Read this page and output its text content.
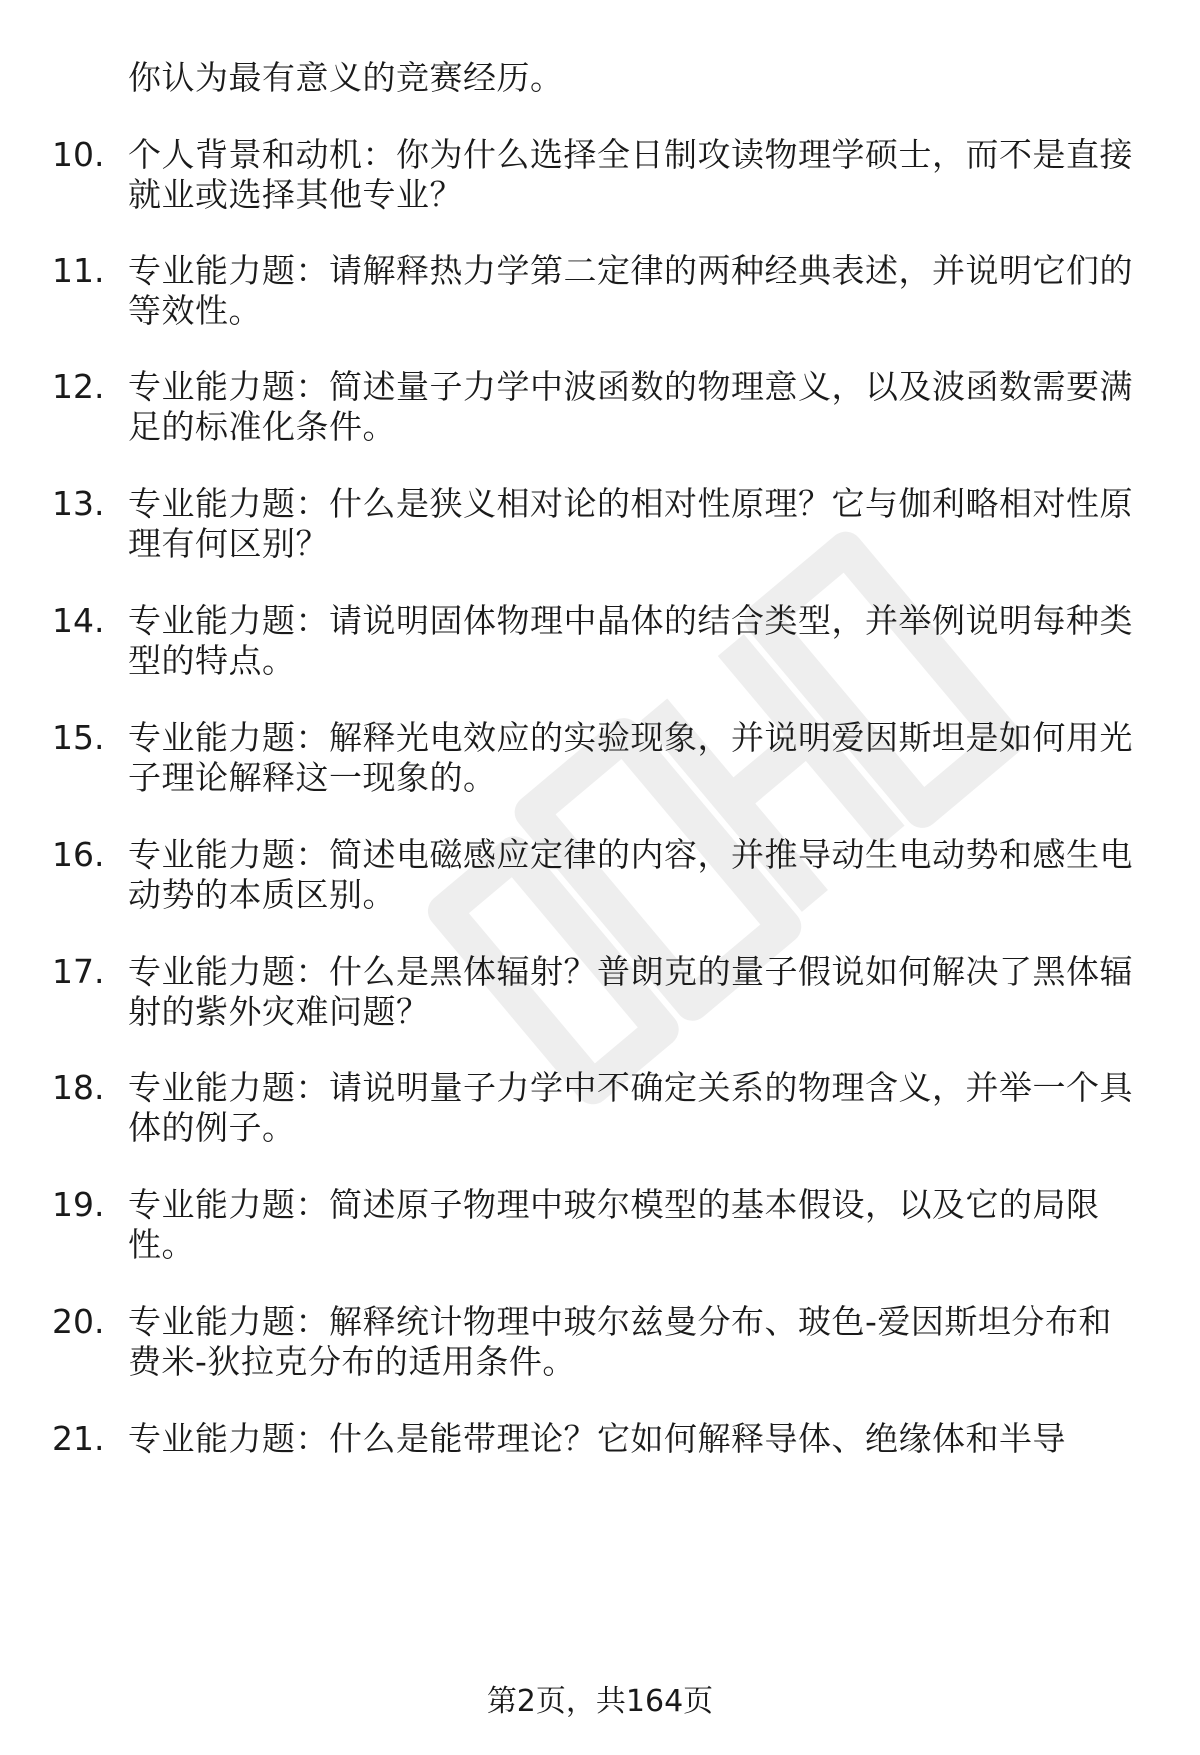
你认为最有意义的竞赛经历。
10. 个人背景和动机：你为什么选择全日制攻读物理学硕士，而不是直接就业或选择其他专业？
11. 专业能力题：请解释热力学第二定律的两种经典表述，并说明它们的等效性。
12. 专业能力题：简述量子力学中波函数的物理意义，以及波函数需要满足的标准化条件。
13. 专业能力题：什么是狭义相对论的相对性原理？它与伽利略相对性原理有何区别？
14. 专业能力题：请说明固体物理中晶体的结合类型，并举例说明每种类型的特点。
15. 专业能力题：解释光电效应的实验现象，并说明爱因斯坦是如何用光子理论解释这一现象的。
16. 专业能力题：简述电磁感应定律的内容，并推导动生电动势和感生电动势的本质区别。
17. 专业能力题：什么是黑体辐射？普朗克的量子假说如何解决了黑体辐射的紫外灾难问题？
18. 专业能力题：请说明量子力学中不确定关系的物理含义，并举一个具体的例子。
19. 专业能力题：简述原子物理中玻尔模型的基本假设，以及它的局限性。
20. 专业能力题：解释统计物理中玻尔兹曼分布、玻色-爱因斯坦分布和费米-狄拉克分布的适用条件。
21. 专业能力题：什么是能带理论？它如何解释导体、绝缘体和半导
第2页，共164页
